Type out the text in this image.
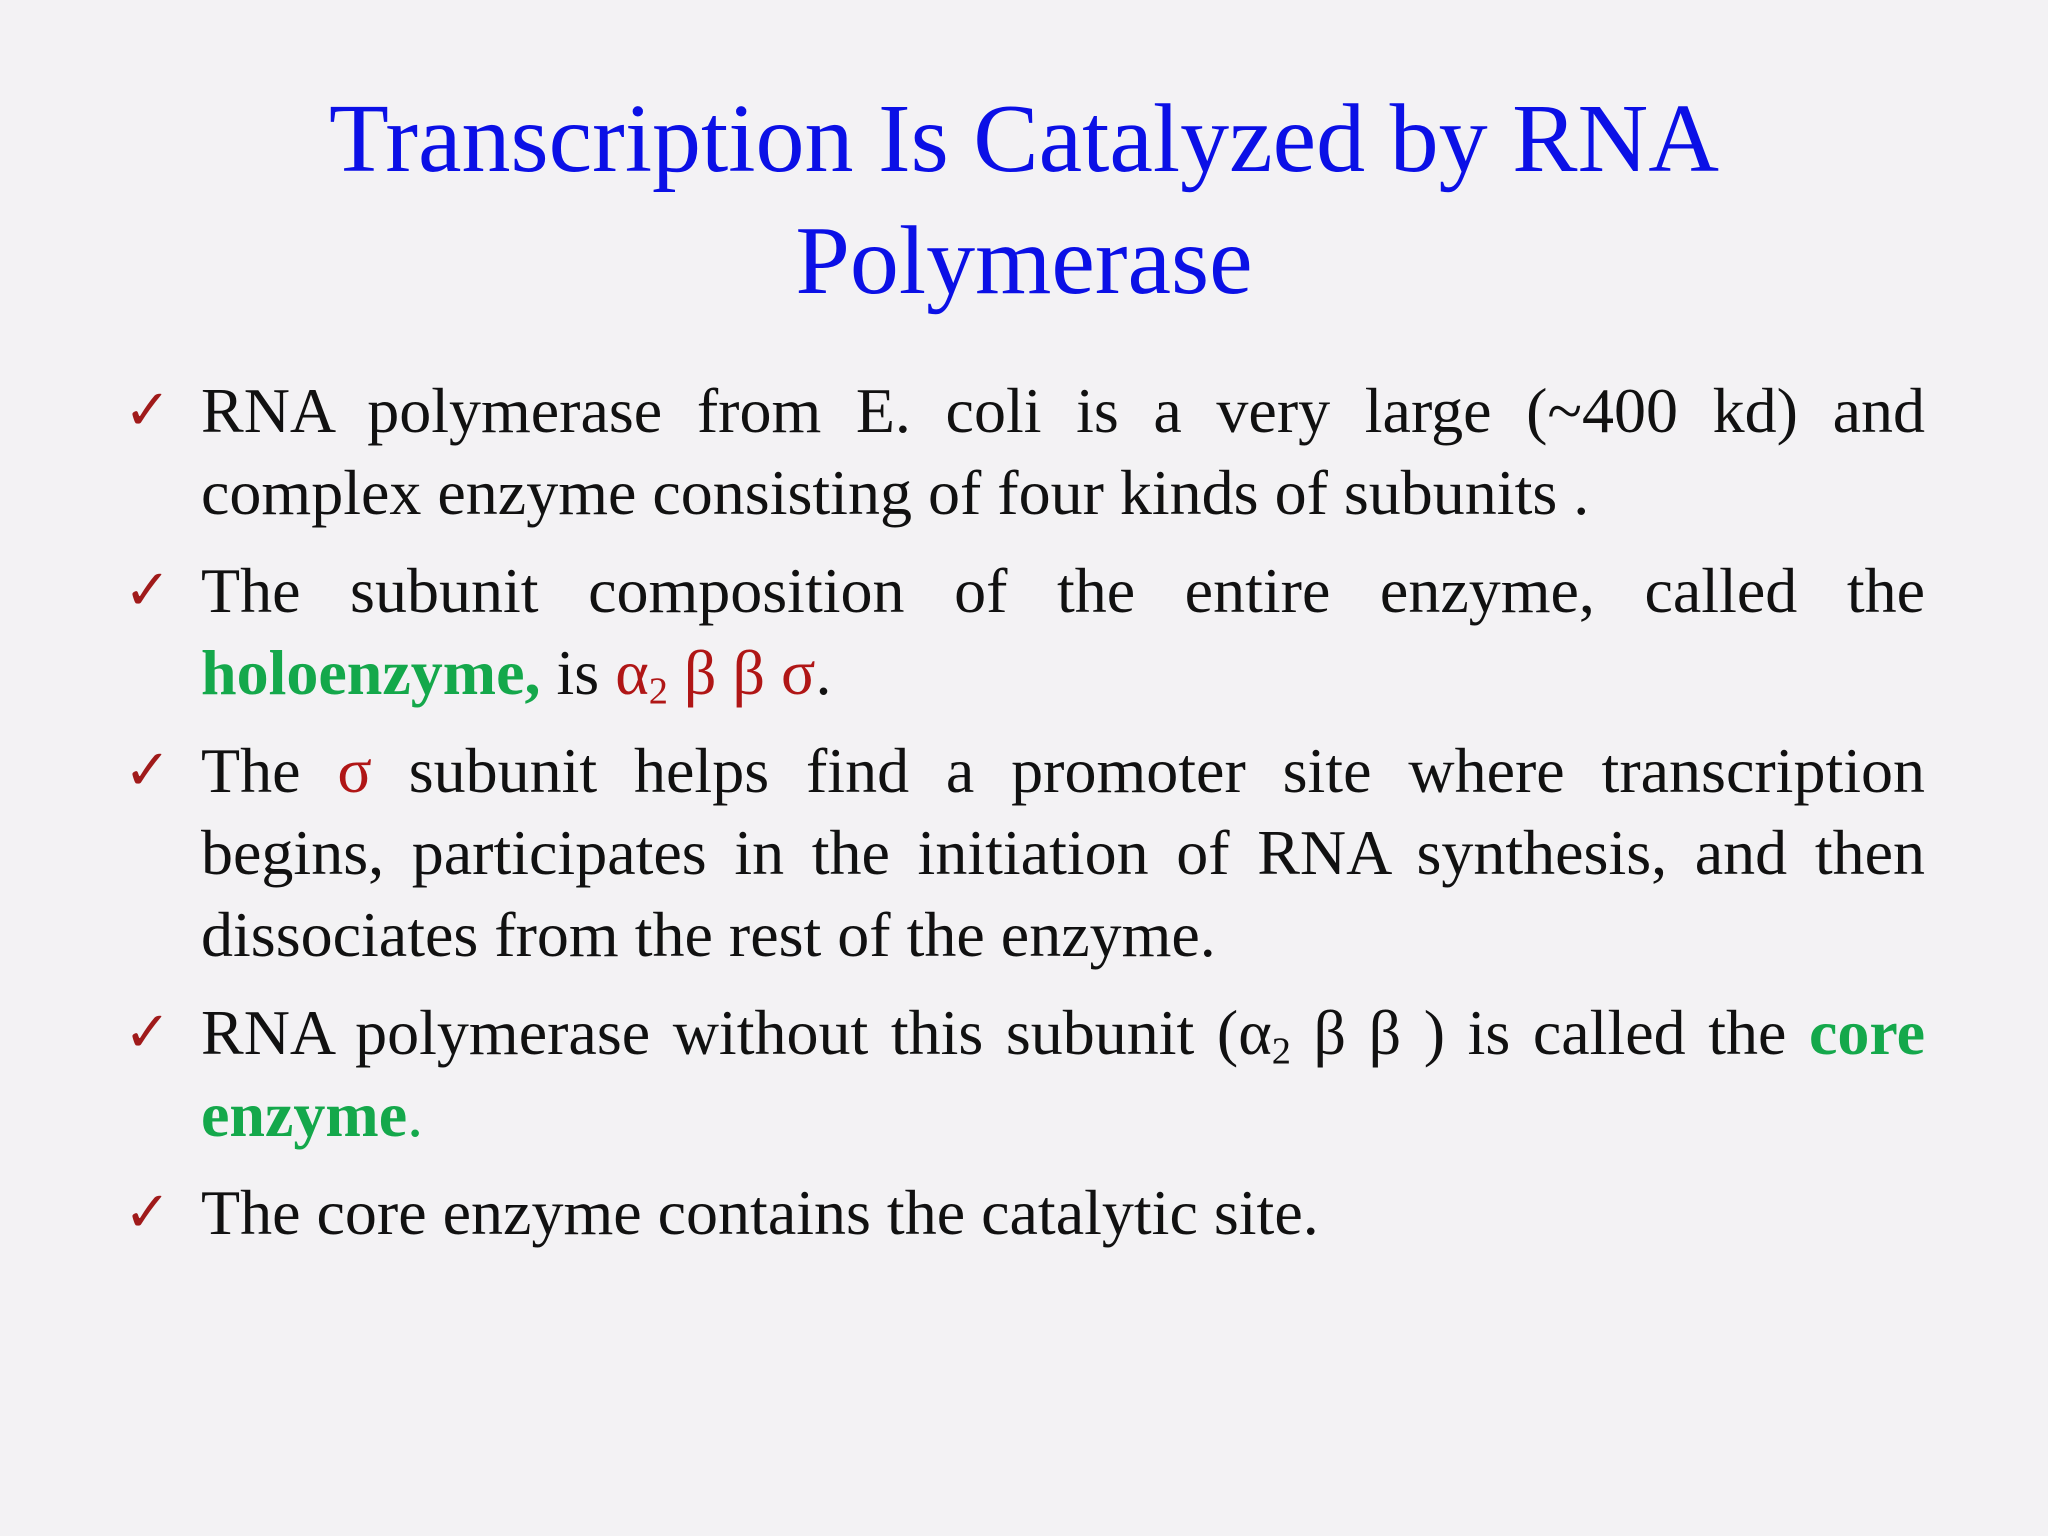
Transcription Is Catalyzed by RNA
Polymerase
✓ RNA polymerase from E. coli is a very large (~400 kd) and complex enzyme consisting of four kinds of subunits .
✓ The subunit composition of the entire enzyme, called the holoenzyme, is $\alpha_2$ β β σ.
✓ The σ subunit helps find a promoter site where transcription begins, participates in the initiation of RNA synthesis, and then dissociates from the rest of the enzyme.
✓ RNA polymerase without this subunit ($\alpha_2$ β β ) is called the core enzyme.
✓ The core enzyme contains the catalytic site.
